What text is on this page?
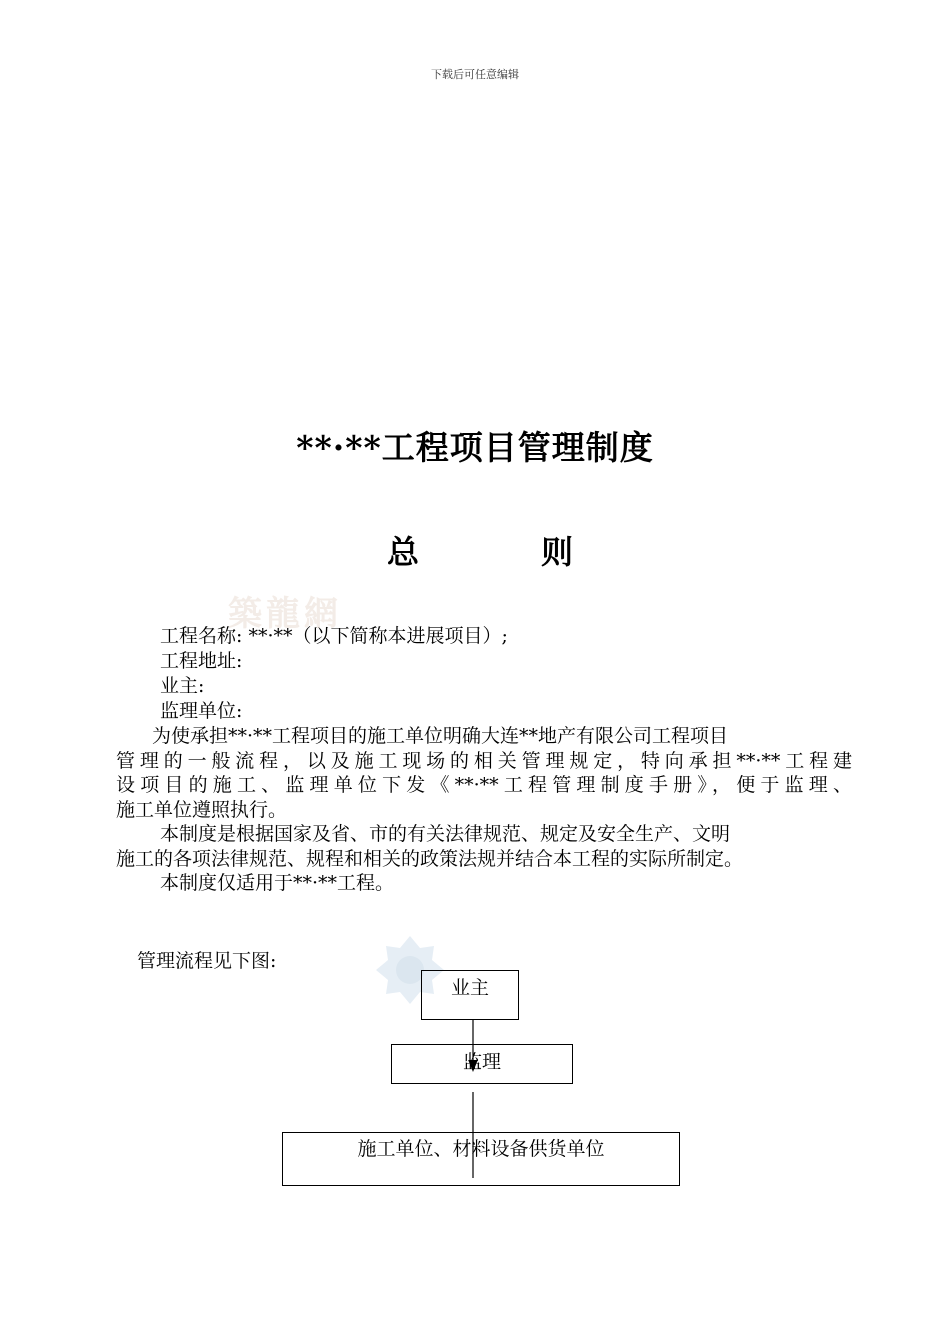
下载后可任意编辑
**·**工程项目管理制度
总	则
築龍網
工程名称: **·**（以下简称本进展项目）;
工程地址:
业主:
监理单位:
为使承担**·**工程项目的施工单位明确大连**地产有限公司工程项目
管理的一般流程，以及施工现场的相关管理规定，特向承担**·**工程建
设项目的施工、监理单位下发《**·**工程管理制度手册》，便于监理、
施工单位遵照执行。
本制度是根据国家及省、市的有关法律规范、规定及安全生产、文明
施工的各项法律规范、规程和相关的政策法规并结合本工程的实际所制定。
本制度仅适用于**·**工程。
管理流程见下图:
业主
监理
施工单位、材料设备供货单位
